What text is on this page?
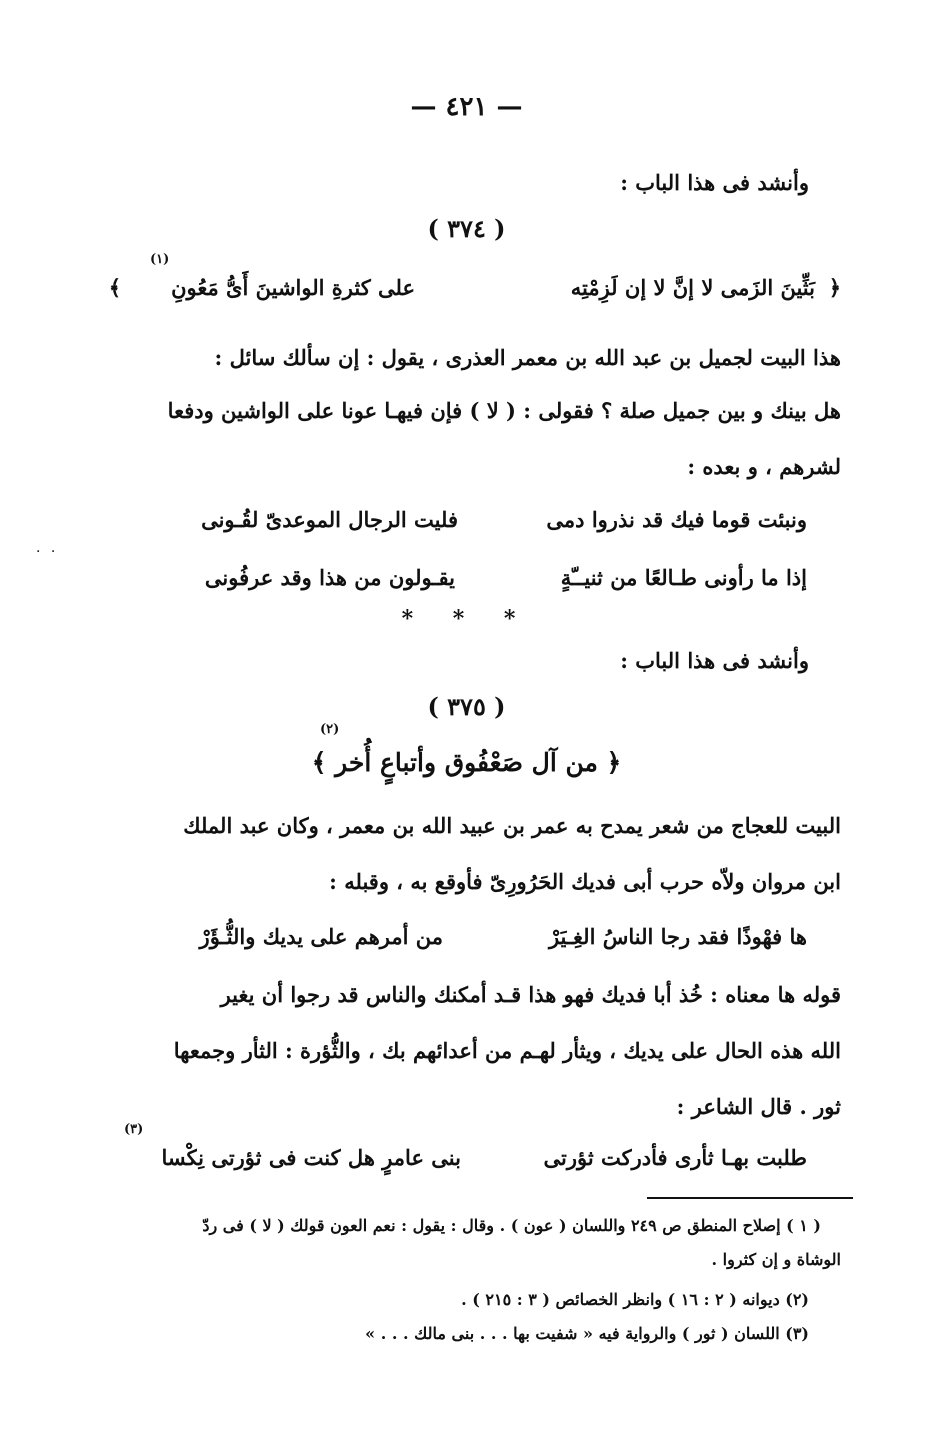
— ٤٢١ —
وأنشد فى هذا الباب :
( ٣٧٤ )
﴿
بَثِّينَ الزَمى لا إنَّ لا إن لَزِمْتِه
على كثرةِ الواشينَ أَىُّ مَعُونِ
﴾
(١)
هذا البيت لجميل بن عبد الله بن معمر العذرى ، يقول : إن سألك سائل :
هل بينك و بين جميل صلة ؟ فقولى : ( لا ) فإن فيهـا عونا على الواشين ودفعا
لشرهم ، و بعده :
ونبئت قوما فيك قد نذروا دمى
فليت الرجال الموعدىّ لقُـونى
إذا ما رأونى طـالعًا من ثنيــّةٍ
يقـولون من هذا وقد عرفُونى
* * *
وأنشد فى هذا الباب :
( ٣٧٥ )
﴿ من آل صَعْفُوق وأتباعٍ أُخر ﴾
(٢)
البيت للعجاج من شعر يمدح به عمر بن عبيد الله بن معمر ، وكان عبد الملك
ابن مروان ولاّه حرب أبى فديك الحَرُورِىّ فأوقع به ، وقبله :
ها فهْوذًا فقد رجا الناسُ الغِـيَرْ
من أمرهم على يديك والثُّـؤَرْ
قوله ها معناه : خُذ أبا فديك فهو هذا قـد أمكنك والناس قد رجوا أن يغير
الله هذه الحال على يديك ، ويثأر لهـم من أعدائهم بك ، والثُّؤرة : الثأر وجمعها
ثور . قال الشاعر :
طلبت بهـا ثأرى فأدركت ثؤرتى
بنى عامرٍ هل كنت فى ثؤرتى نِكْسا
(٣)
( ١ ) إصلاح المنطق ص ٢٤٩ واللسان ( عون ) . وقال : يقول : نعم العون قولك ( لا ) فى ردّ
الوشاة و إن كثروا .
(٢) ديوانه ( ٢ : ١٦ ) وانظر الخصائص ( ٣ : ٢١٥ ) .
(٣) اللسان ( ثور ) والرواية فيه « شفيت بها . . . بنى مالك . . . »
· ·
